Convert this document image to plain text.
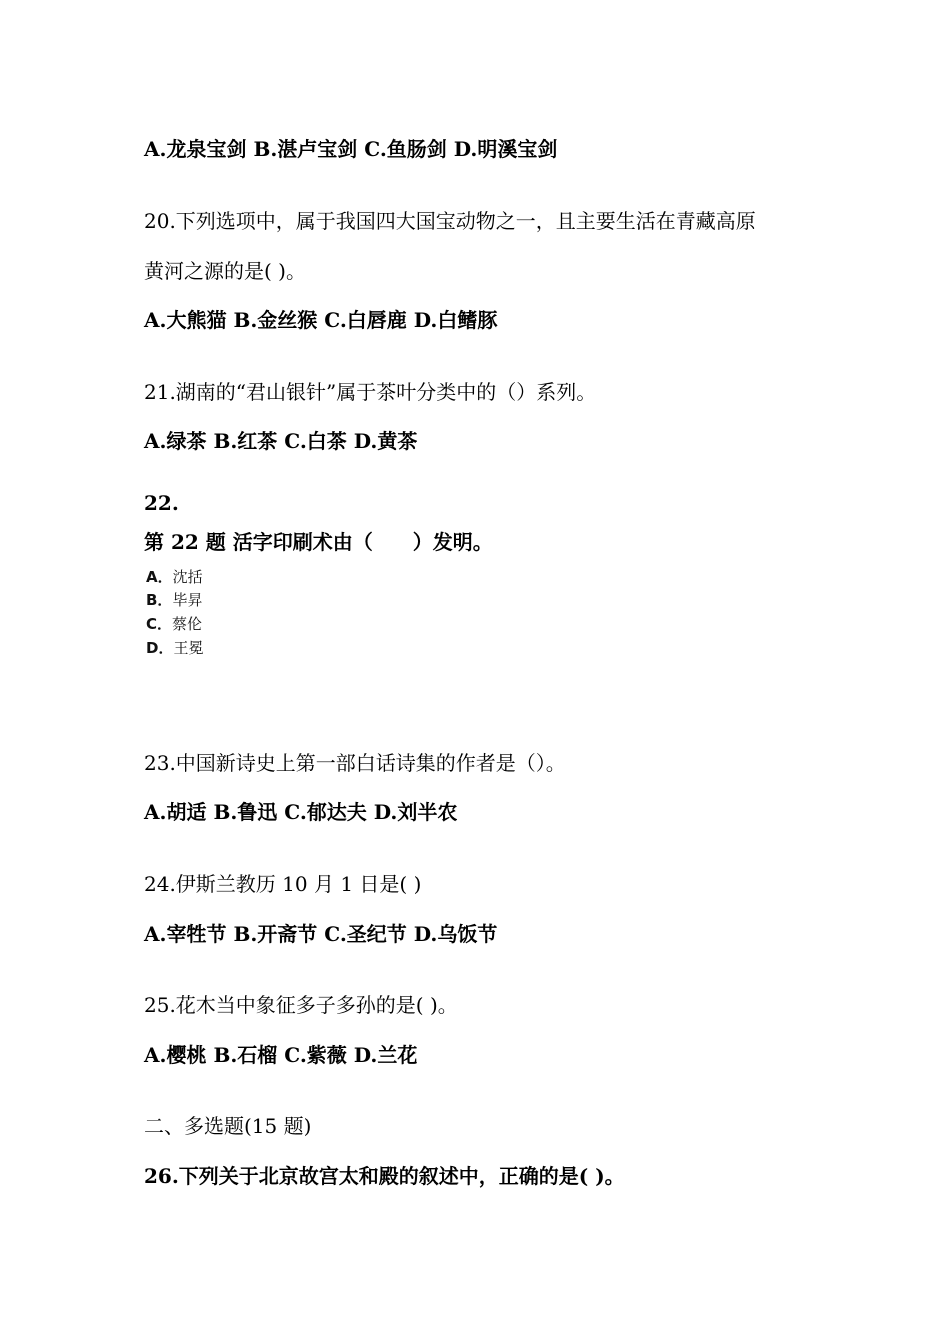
A.龙泉宝剑 B.湛卢宝剑 C.鱼肠剑 D.明溪宝剑
20.下列选项中，属于我国四大国宝动物之一，且主要生活在青藏高原
黄河之源的是( )。
A.大熊猫 B.金丝猴 C.白唇鹿 D.白鳍豚
21.湖南的“君山银针”属于茶叶分类中的（）系列。
A.绿茶 B.红茶 C.白茶 D.黄茶
22.
第 22 题 活字印刷术由（　　）发明。
A．沈括
B．毕昇
C．蔡伦
D．王冕
23.中国新诗史上第一部白话诗集的作者是（）。
A.胡适 B.鲁迅 C.郁达夫 D.刘半农
24.伊斯兰教历 10 月 1 日是( )
A.宰牲节 B.开斋节 C.圣纪节 D.乌饭节
25.花木当中象征多子多孙的是( )。
A.樱桃 B.石榴 C.紫薇 D.兰花
二、多选题(15 题)
26.下列关于北京故宫太和殿的叙述中，正确的是( )。
